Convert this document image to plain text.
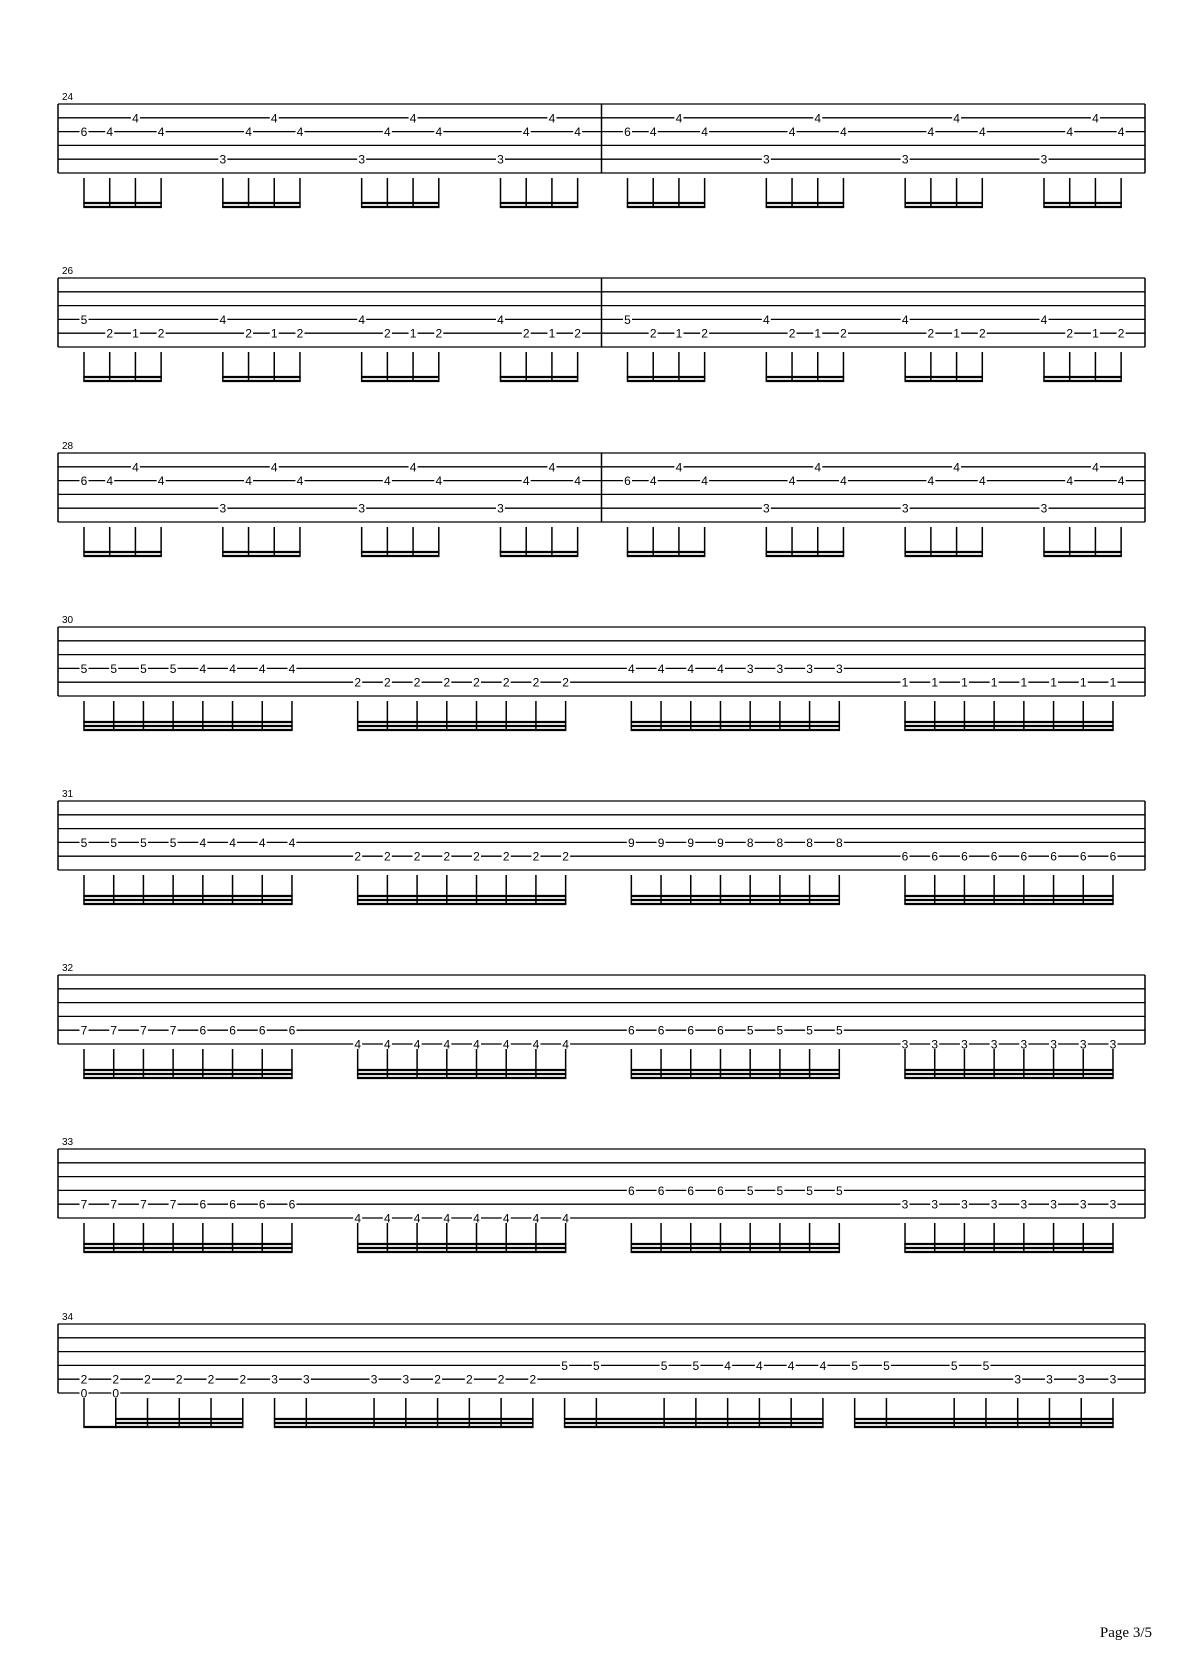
24
6 4
4
4
3
4
4
4
3
4
4
4
3
4
4
4	6 4
4
4
3
4
4
4
3
4
4
4
3
4
4
4
26
5
2 1 2
4
2 1 2
4
2 1 2
4
2 1 2
5
2 1 2
4
2 1 2
4
2 1 2
4
2 1 2
28
6 4
4
4
3
4
4
4
3
4
4
4
3
4
4
4	6 4
4
4
3
4
4
4
3
4
4
4
3
4
4
4
30
5 5 5 5 4 4 4 4
2 2 2 2 2 2 2 2
4 4 4 4 3 3 3 3
1 1 1 1 1 1 1 1
31
5 5 5 5 4 4 4 4
2 2 2 2 2 2 2 2
9 9 9 9 8 8 8 8
6 6 6 6 6 6 6 6
32
7 7 7 7 6 6 6 6
4 4 4 4 4 4 4 4
6 6 6 6 5 5 5 5
3 3 3 3 3 3 3 3
33
7 7 7 7 6 6 6 6
4 4 4 4 4 4 4 4
6 6 6 6 5 5 5 5
3 3 3 3 3 3 3 3
34
2
0
2
0
2 2 2 2 3 3	3 3 2 2 2 2
5 5	5 5 4 4 4 4 5 5	5 5
3 3 3 3
Page 3/5
